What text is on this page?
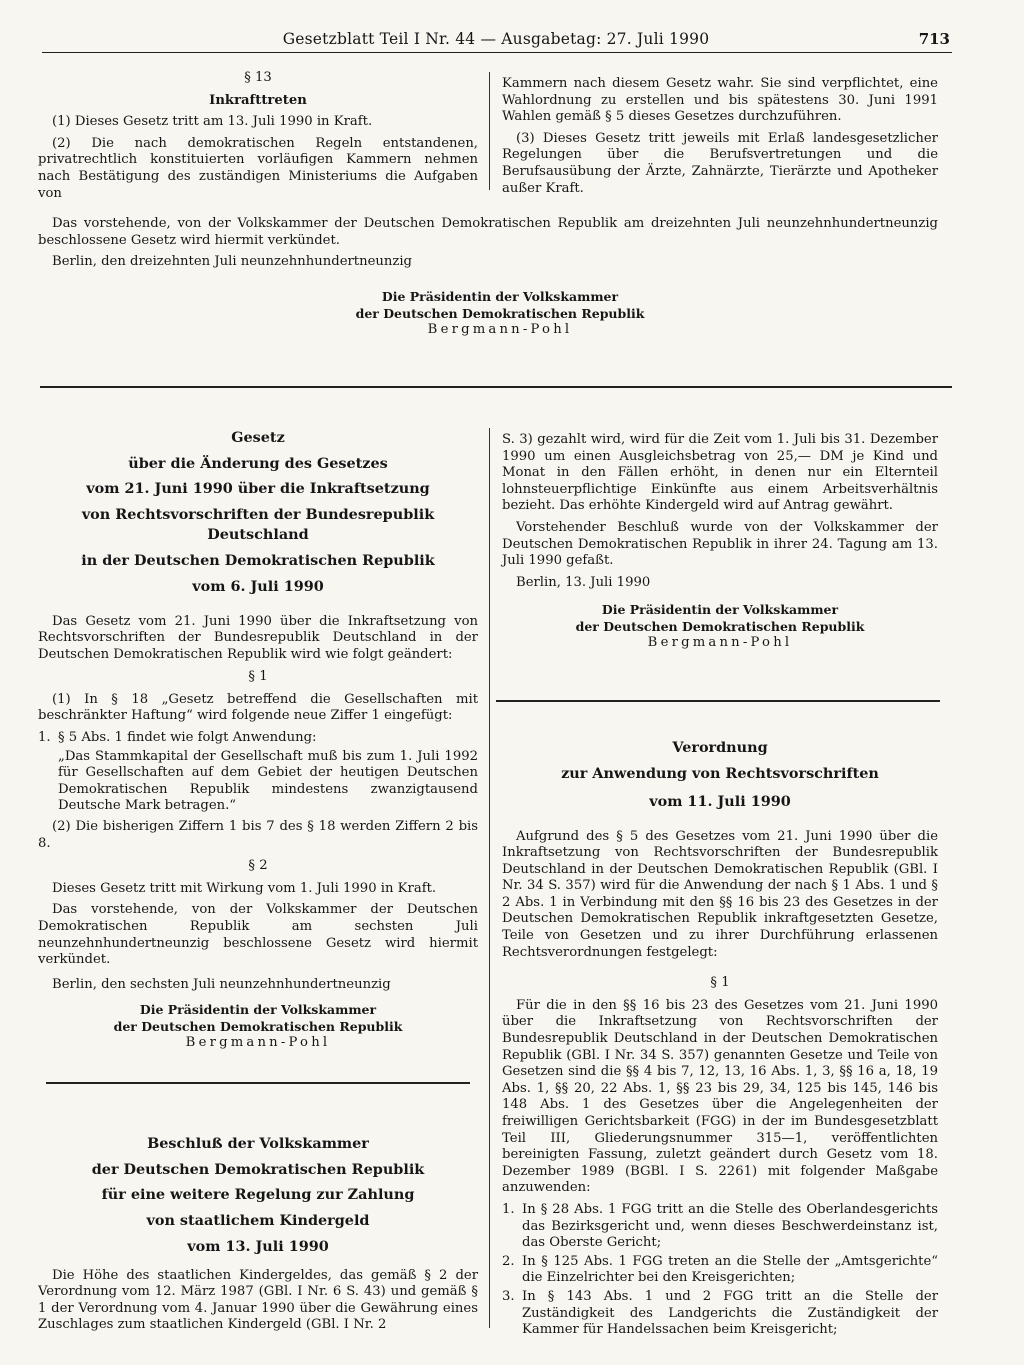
Gesetzblatt Teil I Nr. 44 — Ausgabetag: 27. Juli 1990	713

§ 13

Inkrafttreten

(1) Dieses Gesetz tritt am 13. Juli 1990 in Kraft.

(2) Die nach demokratischen Regeln entstandenen, privatrechtlich konstituierten vorläufigen Kammern nehmen nach Bestätigung des zuständigen Ministeriums die Aufgaben von

Kammern nach diesem Gesetz wahr. Sie sind verpflichtet, eine Wahlordnung zu erstellen und bis spätestens 30. Juni 1991 Wahlen gemäß § 5 dieses Gesetzes durchzuführen.

(3) Dieses Gesetz tritt jeweils mit Erlaß landesgesetzlicher Regelungen über die Berufsvertretungen und die Berufsausübung der Ärzte, Zahnärzte, Tierärzte und Apotheker außer Kraft.

Das vorstehende, von der Volkskammer der Deutschen Demokratischen Republik am dreizehnten Juli neunzehnhundertneunzig beschlossene Gesetz wird hiermit verkündet.

Berlin, den dreizehnten Juli neunzehnhundertneunzig

Die Präsidentin der Volkskammer

der Deutschen Demokratischen Republik

Bergmann-Pohl

Gesetz

über die Änderung des Gesetzes

vom 21. Juni 1990 über die Inkraftsetzung

von Rechtsvorschriften der Bundesrepublik Deutschland

in der Deutschen Demokratischen Republik

vom 6. Juli 1990

Das Gesetz vom 21. Juni 1990 über die Inkraftsetzung von Rechtsvorschriften der Bundesrepublik Deutschland in der Deutschen Demokratischen Republik wird wie folgt geändert:

§ 1

(1) In § 18 „Gesetz betreffend die Gesellschaften mit beschränkter Haftung“ wird folgende neue Ziffer 1 eingefügt:

1. § 5 Abs. 1 findet wie folgt Anwendung:

„Das Stammkapital der Gesellschaft muß bis zum 1. Juli 1992 für Gesellschaften auf dem Gebiet der heutigen Deutschen Demokratischen Republik mindestens zwanzigtausend Deutsche Mark betragen.“

(2) Die bisherigen Ziffern 1 bis 7 des § 18 werden Ziffern 2 bis 8.

§ 2

Dieses Gesetz tritt mit Wirkung vom 1. Juli 1990 in Kraft.

Das vorstehende, von der Volkskammer der Deutschen Demokratischen Republik am sechsten Juli neunzehnhundertneunzig beschlossene Gesetz wird hiermit verkündet.

Berlin, den sechsten Juli neunzehnhundertneunzig

Die Präsidentin der Volkskammer

der Deutschen Demokratischen Republik

Bergmann-Pohl

Beschluß der Volkskammer

der Deutschen Demokratischen Republik

für eine weitere Regelung zur Zahlung

von staatlichem Kindergeld

vom 13. Juli 1990

Die Höhe des staatlichen Kindergeldes, das gemäß § 2 der Verordnung vom 12. März 1987 (GBl. I Nr. 6 S. 43) und gemäß § 1 der Verordnung vom 4. Januar 1990 über die Gewährung eines Zuschlages zum staatlichen Kindergeld (GBl. I Nr. 2

S. 3) gezahlt wird, wird für die Zeit vom 1. Juli bis 31. Dezember 1990 um einen Ausgleichsbetrag von 25,— DM je Kind und Monat in den Fällen erhöht, in denen nur ein Elternteil lohnsteuerpflichtige Einkünfte aus einem Arbeitsverhältnis bezieht. Das erhöhte Kindergeld wird auf Antrag gewährt.

Vorstehender Beschluß wurde von der Volkskammer der Deutschen Demokratischen Republik in ihrer 24. Tagung am 13. Juli 1990 gefaßt.

Berlin, 13. Juli 1990

Die Präsidentin der Volkskammer

der Deutschen Demokratischen Republik

Bergmann-Pohl

Verordnung

zur Anwendung von Rechtsvorschriften

vom 11. Juli 1990

Aufgrund des § 5 des Gesetzes vom 21. Juni 1990 über die Inkraftsetzung von Rechtsvorschriften der Bundesrepublik Deutschland in der Deutschen Demokratischen Republik (GBl. I Nr. 34 S. 357) wird für die Anwendung der nach § 1 Abs. 1 und § 2 Abs. 1 in Verbindung mit den §§ 16 bis 23 des Gesetzes in der Deutschen Demokratischen Republik inkraftgesetzten Gesetze, Teile von Gesetzen und zu ihrer Durchführung erlassenen Rechtsverordnungen festgelegt:

§ 1

Für die in den §§ 16 bis 23 des Gesetzes vom 21. Juni 1990 über die Inkraftsetzung von Rechtsvorschriften der Bundesrepublik Deutschland in der Deutschen Demokratischen Republik (GBl. I Nr. 34 S. 357) genannten Gesetze und Teile von Gesetzen sind die §§ 4 bis 7, 12, 13, 16 Abs. 1, 3, §§ 16 a, 18, 19 Abs. 1, §§ 20, 22 Abs. 1, §§ 23 bis 29, 34, 125 bis 145, 146 bis 148 Abs. 1 des Gesetzes über die Angelegenheiten der freiwilligen Gerichtsbarkeit (FGG) in der im Bundesgesetzblatt Teil III, Gliederungsnummer 315—1, veröffentlichten bereinigten Fassung, zuletzt geändert durch Gesetz vom 18. Dezember 1989 (BGBl. I S. 2261) mit folgender Maßgabe anzuwenden:

1. In § 28 Abs. 1 FGG tritt an die Stelle des Oberlandesgerichts das Bezirksgericht und, wenn dieses Beschwerdeinstanz ist, das Oberste Gericht;

2. In § 125 Abs. 1 FGG treten an die Stelle der „Amtsgerichte“ die Einzelrichter bei den Kreisgerichten;

3. In § 143 Abs. 1 und 2 FGG tritt an die Stelle der Zuständigkeit des Landgerichts die Zuständigkeit der Kammer für Handelssachen beim Kreisgericht;
